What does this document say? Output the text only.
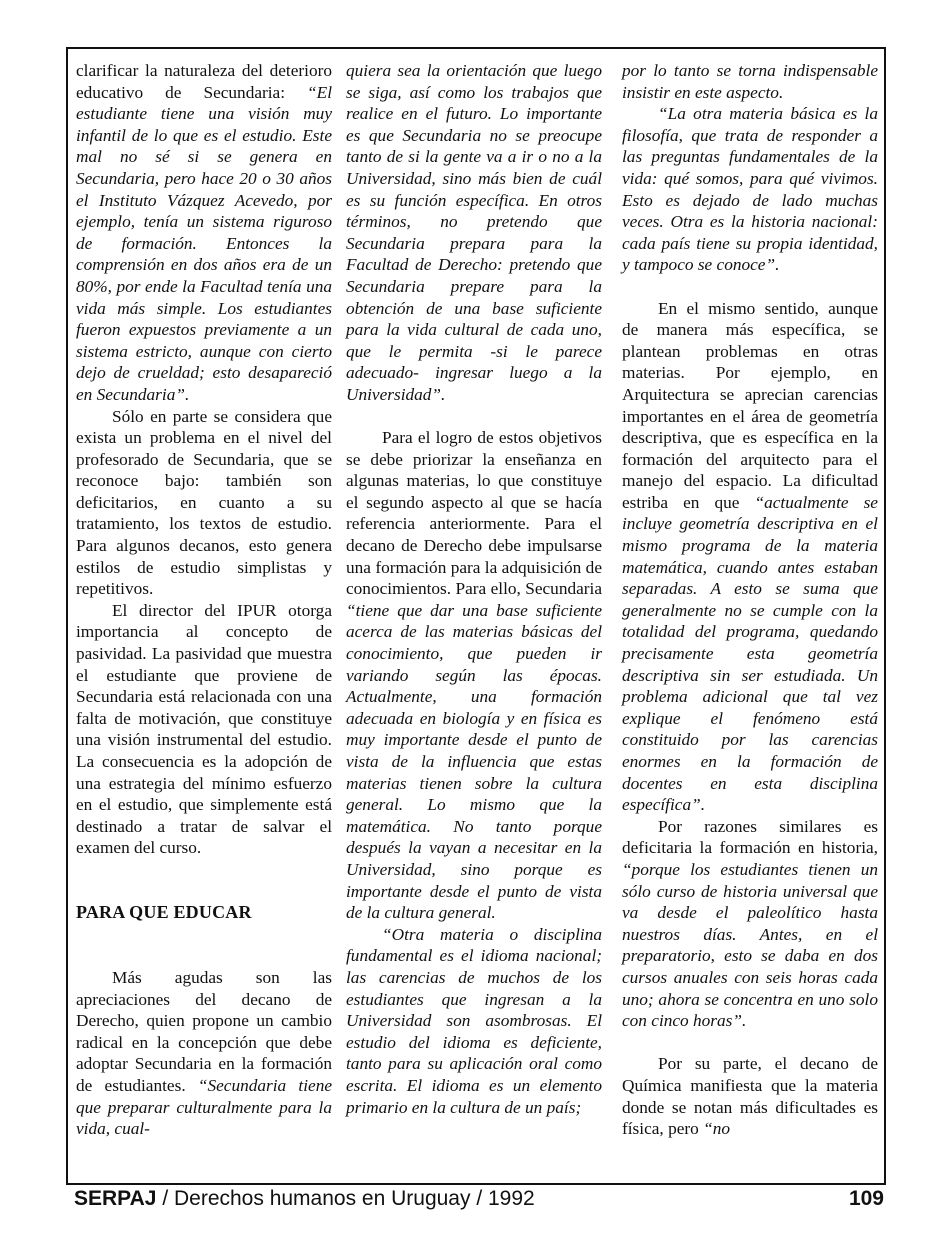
clarificar la naturaleza del deterioro educativo de Secundaria: “El estudiante tiene una visión muy infantil de lo que es el estudio. Este mal no sé si se genera en Secundaria, pero hace 20 o 30 años el Instituto Vázquez Acevedo, por ejemplo, tenía un sistema riguroso de formación. Entonces la comprensión en dos años era de un 80%, por ende la Facultad tenía una vida más simple. Los estudiantes fueron expuestos previamente a un sistema estricto, aunque con cierto dejo de crueldad; esto desapareció en Secundaria”.
Sólo en parte se considera que exista un problema en el nivel del profesorado de Secundaria, que se reconoce bajo: también son deficitarios, en cuanto a su tratamiento, los textos de estudio. Para algunos decanos, esto genera estilos de estudio simplistas y repetitivos.
El director del IPUR otorga importancia al concepto de pasividad. La pasividad que muestra el estudiante que proviene de Secundaria está relacionada con una falta de motivación, que constituye una visión instrumental del estudio. La consecuencia es la adopción de una estrategia del mínimo esfuerzo en el estudio, que simplemente está destinado a tratar de salvar el examen del curso.
PARA QUE EDUCAR
Más agudas son las apreciaciones del decano de Derecho, quien propone un cambio radical en la concepción que debe adoptar Secundaria en la formación de estudiantes. “Secundaria tiene que preparar culturalmente para la vida, cual-
quiera sea la orientación que luego se siga, así como los trabajos que realice en el futuro. Lo importante es que Secundaria no se preocupe tanto de si la gente va a ir o no a la Universidad, sino más bien de cuál es su función específica. En otros términos, no pretendo que Secundaria prepara para la Facultad de Derecho: pretendo que Secundaria prepare para la obtención de una base suficiente para la vida cultural de cada uno, que le permita -si le parece adecuado- ingresar luego a la Universidad”.
Para el logro de estos objetivos se debe priorizar la enseñanza en algunas materias, lo que constituye el segundo aspecto al que se hacía referencia anteriormente. Para el decano de Derecho debe impulsarse una formación para la adquisición de conocimientos. Para ello, Secundaria “tiene que dar una base suficiente acerca de las materias básicas del conocimiento, que pueden ir variando según las épocas. Actualmente, una formación adecuada en biología y en física es muy importante desde el punto de vista de la influencia que estas materias tienen sobre la cultura general. Lo mismo que la matemática. No tanto porque después la vayan a necesitar en la Universidad, sino porque es importante desde el punto de vista de la cultura general.
“Otra materia o disciplina fundamental es el idioma nacional; las carencias de muchos de los estudiantes que ingresan a la Universidad son asombrosas. El estudio del idioma es deficiente, tanto para su aplicación oral como escrita. El idioma es un elemento primario en la cultura de un país;
por lo tanto se torna indispensable insistir en este aspecto.
“La otra materia básica es la filosofía, que trata de responder a las preguntas fundamentales de la vida: qué somos, para qué vivimos. Esto es dejado de lado muchas veces. Otra es la historia nacional: cada país tiene su propia identidad, y tampoco se conoce”.
En el mismo sentido, aunque de manera más específica, se plantean problemas en otras materias. Por ejemplo, en Arquitectura se aprecian carencias importantes en el área de geometría descriptiva, que es específica en la formación del arquitecto para el manejo del espacio. La dificultad estriba en que “actualmente se incluye geometría descriptiva en el mismo programa de la materia matemática, cuando antes estaban separadas. A esto se suma que generalmente no se cumple con la totalidad del programa, quedando precisamente esta geometría descriptiva sin ser estudiada. Un problema adicional que tal vez explique el fenómeno está constituido por las carencias enormes en la formación de docentes en esta disciplina específica”.
Por razones similares es deficitaria la formación en historia, “porque los estudiantes tienen un sólo curso de historia universal que va desde el paleolítico hasta nuestros días. Antes, en el preparatorio, esto se daba en dos cursos anuales con seis horas cada uno; ahora se concentra en uno solo con cinco horas”.
Por su parte, el decano de Química manifiesta que la materia donde se notan más dificultades es física, pero “no
SERPAJ / Derechos humanos en Uruguay / 1992	109
